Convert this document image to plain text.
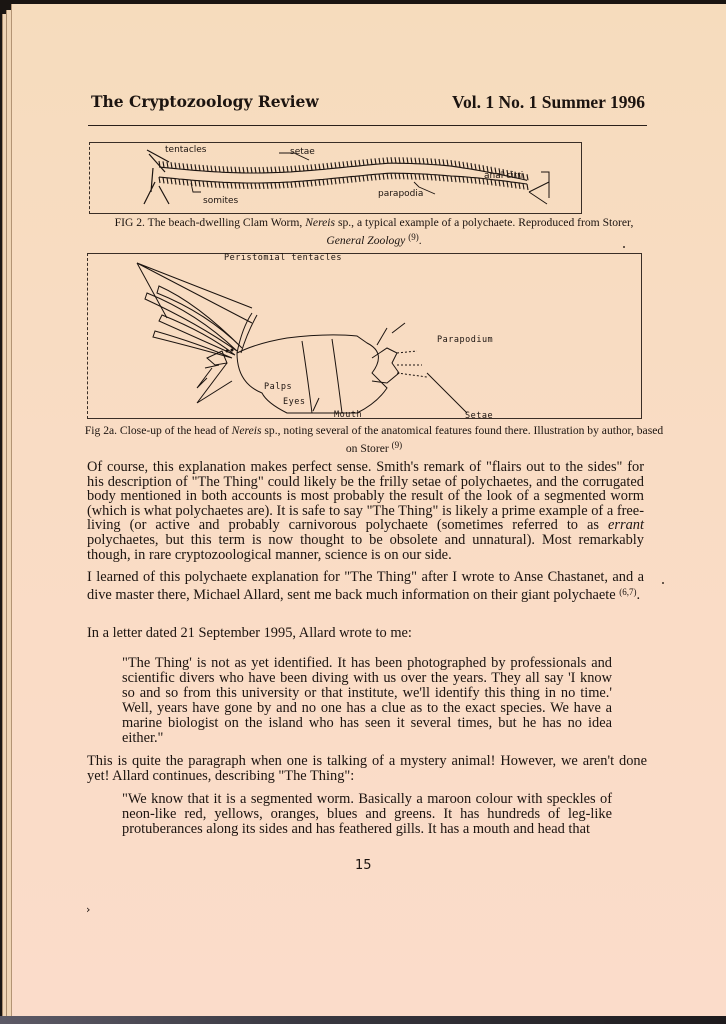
The Cryptozoology Review	Vol. 1 No. 1 Summer 1996
tentacles	setae
anal cirri
somites
parapodia
FIG 2. The beach-dwelling Clam Worm, Nereis sp., a typical example of a polychaete. Reproduced from Storer,
General Zoology $^{(9)}$.
Peristomial tentacles
Parapodium
Palps
Eyes
Mouth	Setae
Fig 2a. Close-up of the head of Nereis sp., noting several of the anatomical features found there. Illustration by author, based on Storer $^{(9)}$
Of course, this explanation makes perfect sense. Smith's remark of "flairs out to the sides" for his description of "The Thing" could likely be the frilly setae of polychaetes, and the corrugated body mentioned in both accounts is most probably the result of the look of a segmented worm (which is what polychaetes are). It is safe to say "The Thing" is likely a prime example of a free-living (or active and probably carnivorous polychaete (sometimes referred to as errant polychaetes, but this term is now thought to be obsolete and unnatural). Most remarkably though, in rare cryptozoological manner, science is on our side.
I learned of this polychaete explanation for "The Thing" after I wrote to Anse Chastanet, and a dive master there, Michael Allard, sent me back much information on their giant polychaete $^{(6,7)}$.
In a letter dated 21 September 1995, Allard wrote to me:
"The Thing' is not as yet identified. It has been photographed by professionals and scientific divers who have been diving with us over the years. They all say 'I know so and so from this university or that institute, we'll identify this thing in no time.' Well, years have gone by and no one has a clue as to the exact species. We have a marine biologist on the island who has seen it several times, but he has no idea either."
This is quite the paragraph when one is talking of a mystery animal! However, we aren't done yet! Allard continues, describing "The Thing":
"We know that it is a segmented worm. Basically a maroon colour with speckles of neon-like red, yellows, oranges, blues and greens. It has hundreds of leg-like protuberances along its sides and has feathered gills. It has a mouth and head that
15
›
